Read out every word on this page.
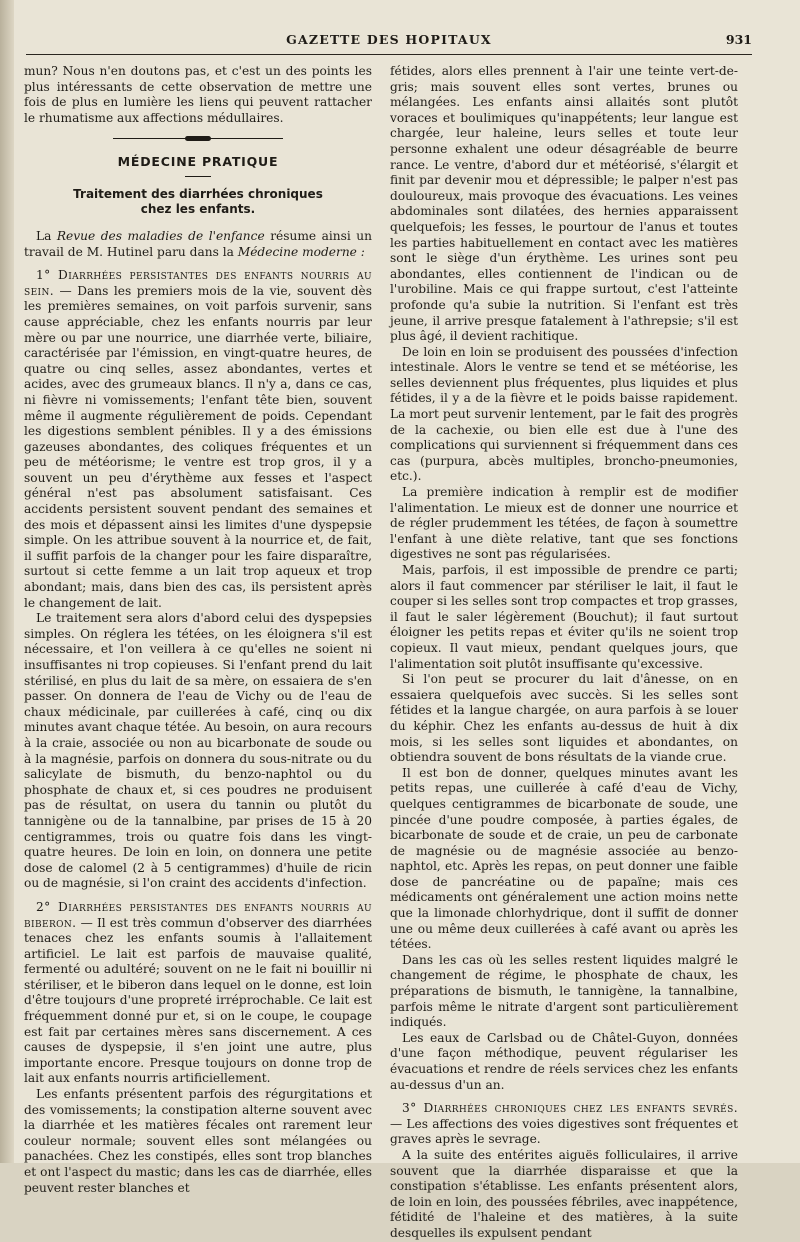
GAZETTE DES HOPITAUX	931

mun? Nous n'en doutons pas, et c'est un des points les plus intéressants de cette observation de mettre une fois de plus en lumière les liens qui peuvent rattacher le rhumatisme aux affections médullaires.

MÉDECINE PRATIQUE
Traitement des diarrhées chroniques
chez les enfants.

La Revue des maladies de l'enfance résume ainsi un travail de M. Hutinel paru dans la Médecine moderne :

1° Diarrhées persistantes des enfants nourris au sein. — Dans les premiers mois de la vie, souvent dès les premières semaines, on voit parfois survenir, sans cause appréciable, chez les enfants nourris par leur mère ou par une nourrice, une diarrhée verte, biliaire, caractérisée par l'émission, en vingt-quatre heures, de quatre ou cinq selles, assez abondantes, vertes et acides, avec des grumeaux blancs. Il n'y a, dans ce cas, ni fièvre ni vomissements; l'enfant tête bien, souvent même il augmente régulièrement de poids. Cependant les digestions semblent pénibles. Il y a des émissions gazeuses abondantes, des coliques fréquentes et un peu de météorisme; le ventre est trop gros, il y a souvent un peu d'érythème aux fesses et l'aspect général n'est pas absolument satisfaisant. Ces accidents persistent souvent pendant des semaines et des mois et dépassent ainsi les limites d'une dyspepsie simple. On les attribue souvent à la nourrice et, de fait, il suffit parfois de la changer pour les faire disparaître, surtout si cette femme a un lait trop aqueux et trop abondant; mais, dans bien des cas, ils persistent après le changement de lait.

Le traitement sera alors d'abord celui des dyspepsies simples. On réglera les tétées, on les éloignera s'il est nécessaire, et l'on veillera à ce qu'elles ne soient ni insuffisantes ni trop copieuses. Si l'enfant prend du lait stérilisé, en plus du lait de sa mère, on essaiera de s'en passer. On donnera de l'eau de Vichy ou de l'eau de chaux médicinale, par cuillerées à café, cinq ou dix minutes avant chaque tétée. Au besoin, on aura recours à la craie, associée ou non au bicarbonate de soude ou à la magnésie, parfois on donnera du sous-nitrate ou du salicylate de bismuth, du benzo-naphtol ou du phosphate de chaux et, si ces poudres ne produisent pas de résultat, on usera du tannin ou plutôt du tannigène ou de la tannalbine, par prises de 15 à 20 centigrammes, trois ou quatre fois dans les vingt-quatre heures. De loin en loin, on donnera une petite dose de calomel (2 à 5 centigrammes) d'huile de ricin ou de magnésie, si l'on craint des accidents d'infection.

2° Diarrhées persistantes des enfants nourris au biberon. — Il est très commun d'observer des diarrhées tenaces chez les enfants soumis à l'allaitement artificiel. Le lait est parfois de mauvaise qualité, fermenté ou adultéré; souvent on ne le fait ni bouillir ni stériliser, et le biberon dans lequel on le donne, est loin d'être toujours d'une propreté irréprochable. Ce lait est fréquemment donné pur et, si on le coupe, le coupage est fait par certaines mères sans discernement. A ces causes de dyspepsie, il s'en joint une autre, plus importante encore. Presque toujours on donne trop de lait aux enfants nourris artificiellement.

Les enfants présentent parfois des régurgitations et des vomissements; la constipation alterne souvent avec la diarrhée et les matières fécales ont rarement leur couleur normale; souvent elles sont mélangées ou panachées. Chez les constipés, elles sont trop blanches et ont l'aspect du mastic; dans les cas de diarrhée, elles peuvent rester blanches et

fétides, alors elles prennent à l'air une teinte vert-de-gris; mais souvent elles sont vertes, brunes ou mélangées. Les enfants ainsi allaités sont plutôt voraces et boulimiques qu'inappétents; leur langue est chargée, leur haleine, leurs selles et toute leur personne exhalent une odeur désagréable de beurre rance. Le ventre, d'abord dur et météorisé, s'élargit et finit par devenir mou et dépressible; le palper n'est pas douloureux, mais provoque des évacuations. Les veines abdominales sont dilatées, des hernies apparaissent quelquefois; les fesses, le pourtour de l'anus et toutes les parties habituellement en contact avec les matières sont le siège d'un érythème. Les urines sont peu abondantes, elles contiennent de l'indican ou de l'urobiline. Mais ce qui frappe surtout, c'est l'atteinte profonde qu'a subie la nutrition. Si l'enfant est très jeune, il arrive presque fatalement à l'athrepsie; s'il est plus âgé, il devient rachitique.

De loin en loin se produisent des poussées d'infection intestinale. Alors le ventre se tend et se météorise, les selles deviennent plus fréquentes, plus liquides et plus fétides, il y a de la fièvre et le poids baisse rapidement. La mort peut survenir lentement, par le fait des progrès de la cachexie, ou bien elle est due à l'une des complications qui surviennent si fréquemment dans ces cas (purpura, abcès multiples, broncho-pneumonies, etc.).

La première indication à remplir est de modifier l'alimentation. Le mieux est de donner une nourrice et de régler prudemment les tétées, de façon à soumettre l'enfant à une diète relative, tant que ses fonctions digestives ne sont pas régularisées.

Mais, parfois, il est impossible de prendre ce parti; alors il faut commencer par stériliser le lait, il faut le couper si les selles sont trop compactes et trop grasses, il faut le saler légèrement (Bouchut); il faut surtout éloigner les petits repas et éviter qu'ils ne soient trop copieux. Il vaut mieux, pendant quelques jours, que l'alimentation soit plutôt insuffisante qu'excessive.

Si l'on peut se procurer du lait d'ânesse, on en essaiera quelquefois avec succès. Si les selles sont fétides et la langue chargée, on aura parfois à se louer du képhir. Chez les enfants au-dessus de huit à dix mois, si les selles sont liquides et abondantes, on obtiendra souvent de bons résultats de la viande crue.

Il est bon de donner, quelques minutes avant les petits repas, une cuillerée à café d'eau de Vichy, quelques centigrammes de bicarbonate de soude, une pincée d'une poudre composée, à parties égales, de bicarbonate de soude et de craie, un peu de carbonate de magnésie ou de magnésie associée au benzo-naphtol, etc. Après les repas, on peut donner une faible dose de pancréatine ou de papaïne; mais ces médicaments ont généralement une action moins nette que la limonade chlorhydrique, dont il suffit de donner une ou même deux cuillerées à café avant ou après les tétées.

Dans les cas où les selles restent liquides malgré le changement de régime, le phosphate de chaux, les préparations de bismuth, le tannigène, la tannalbine, parfois même le nitrate d'argent sont particulièrement indiqués.

Les eaux de Carlsbad ou de Châtel-Guyon, données d'une façon méthodique, peuvent régulariser les évacuations et rendre de réels services chez les enfants au-dessus d'un an.

3° Diarrhées chroniques chez les enfants sevrés. — Les affections des voies digestives sont fréquentes et graves après le sevrage.

A la suite des entérites aiguës folliculaires, il arrive souvent que la diarrhée disparaisse et que la constipation s'établisse. Les enfants présentent alors, de loin en loin, des poussées fébriles, avec inappétence, fétidité de l'haleine et des matières, à la suite desquelles ils expulsent pendant
